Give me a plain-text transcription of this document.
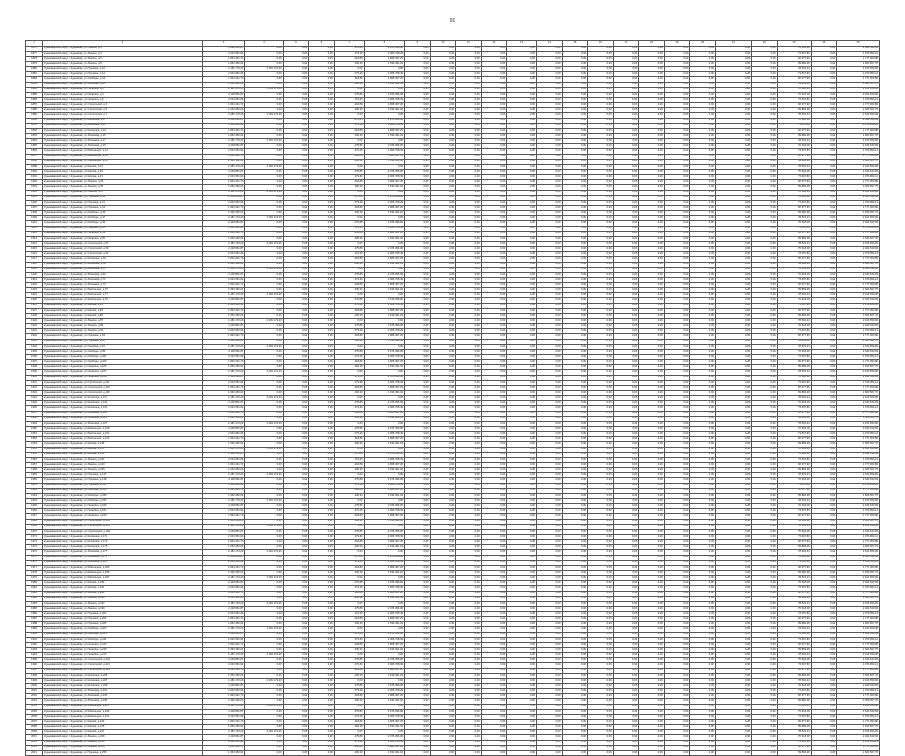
91
1	2	3	4	5	6	7	8	9	10	11	12	13	14	15	16	17	18	19	20	21	22	23	24	25
1876	Кудымкарский округ, г.Кудымкар, ул.Ленина, д.1	2 118 861,87	0,00	0,00	0,00	475,86	2 076 396,96	0,00	0,00	0,00	0,00	0,00	0,00	0,00	0,00	0,00	0,00	0,00	0,00	0,00	0,00	76 318,18	0,00	2 042 543,69
1877	Кудымкарский округ, г.Кудымкар, ул.Ленина, д.3	2 044 561,94	0,00	0,00	0,00	473,46	2 006 708,49	0,00	0,00	0,00	0,00	0,00	0,00	0,00	0,00	0,00	0,00	0,00	0,00	0,00	0,00	73 607,80	0,00	1 970 954,14
1878	Кудымкарский округ, г.Кудымкар, ул.Ленина, д.5	1 843 441,70	0,00	0,00	0,00	418,89	1 808 467,25	0,00	0,00	0,00	0,00	0,00	0,00	0,00	0,00	0,00	0,00	0,00	0,00	0,00	0,00	66 377,90	0,00	1 777 063,80
1879	Кудымкарский округ, г.Кудымкар, ул.Ленина, д.8	1 663 452,04	0,00	0,00	0,00	400,30	1 630 461,94	0,00	0,00	0,00	0,00	0,00	0,00	0,00	0,00	0,00	0,00	0,00	0,00	0,00	0,00	59 884,28	0,00	1 603 567,76
1880	Кудымкарский округ, г.Кудымкар, ул.Пушкина, д.10	2 181 173,20	2 181 173,20	0,00	0,00	0,00	0,00	0,00	0,00	0,00	0,00	0,00	0,00	0,00	0,00	0,00	0,00	0,00	0,00	0,00	0,00	78 522,24	0,00	2 102 650,96
1881	Кудымкарский округ, г.Кудымкар, ул.Пушкина, д.12	2 044 561,94	0,00	0,00	0,00	473,46	2 006 708,49	0,00	0,00	0,00	0,00	0,00	0,00	0,00	0,00	0,00	0,00	0,00	0,00	0,00	0,00	73 607,80	0,00	1 970 954,14
1882	Кудымкарский округ, г.Кудымкар, ул.Свободы, д.14	1 843 441,70	0,00	0,00	0,00	418,89	1 808 467,25	0,00	0,00	0,00	0,00	0,00	0,00	0,00	0,00	0,00	0,00	0,00	0,00	0,00	0,00	66 377,90	0,00	1 777 063,80
1883	Кудымкарский округ, г.Кудымкар, ул.Свободы, д.16	1 663 452,04	0,00	0,00	0,00	400,30	1 630 461,94	0,00	0,00	0,00	0,00	0,00	0,00	0,00	0,00	0,00	0,00	0,00	0,00	0,00	0,00	59 884,28	0,00	1 603 567,76
1884	Кудымкарский округ, г.Кудымкар, ул.Гагарина, д.2	2 181 173,20	2 181 173,20	0,00	0,00	0,00	0,00	0,00	0,00	0,00	0,00	0,00	0,00	0,00	0,00	0,00	0,00	0,00	0,00	0,00	0,00	78 522,24	0,00	2 102 650,96
1885	Кудымкарский округ, г.Кудымкар, ул.Гагарина, д.4	2 118 861,87	0,00	0,00	0,00	475,86	2 076 396,96	0,00	0,00	0,00	0,00	0,00	0,00	0,00	0,00	0,00	0,00	0,00	0,00	0,00	0,00	76 318,18	0,00	2 042 543,69
1886	Кудымкарский округ, г.Кудымкар, ул.Гагарина, д.6	2 044 561,94	0,00	0,00	0,00	473,46	2 006 708,49	0,00	0,00	0,00	0,00	0,00	0,00	0,00	0,00	0,00	0,00	0,00	0,00	0,00	0,00	73 607,80	0,00	1 970 954,14
1887	Кудымкарский округ, г.Кудымкар, ул.Строителей, д.3	1 843 441,70	0,00	0,00	0,00	418,89	1 808 467,25	0,00	0,00	0,00	0,00	0,00	0,00	0,00	0,00	0,00	0,00	0,00	0,00	0,00	0,00	66 377,90	0,00	1 777 063,80
1888	Кудымкарский округ, г.Кудымкар, ул.Строителей, д.5	1 663 452,04	0,00	0,00	0,00	400,30	1 630 461,94	0,00	0,00	0,00	0,00	0,00	0,00	0,00	0,00	0,00	0,00	0,00	0,00	0,00	0,00	59 884,28	0,00	1 603 567,76
1889	Кудымкарский округ, г.Кудымкар, ул.Строителей, д.7	2 181 173,20	2 181 173,20	0,00	0,00	0,00	0,00	0,00	0,00	0,00	0,00	0,00	0,00	0,00	0,00	0,00	0,00	0,00	0,00	0,00	0,00	78 522,24	0,00	2 102 650,96
1890	Кудымкарский округ, г.Кудымкар, ул.Калинина, д.9	2 118 861,87	0,00	0,00	0,00	475,86	2 076 396,96	0,00	0,00	0,00	0,00	0,00	0,00	0,00	0,00	0,00	0,00	0,00	0,00	0,00	0,00	76 318,18	0,00	2 042 543,69
1891	Кудымкарский округ, г.Кудымкар, ул.Калинина, д.11	2 044 561,94	0,00	0,00	0,00	473,46	2 006 708,49	0,00	0,00	0,00	0,00	0,00	0,00	0,00	0,00	0,00	0,00	0,00	0,00	0,00	0,00	73 607,80	0,00	1 970 954,14
1892	Кудымкарский округ, г.Кудымкар, ул.Калинина, д.13	1 843 441,70	0,00	0,00	0,00	418,89	1 808 467,25	0,00	0,00	0,00	0,00	0,00	0,00	0,00	0,00	0,00	0,00	0,00	0,00	0,00	0,00	66 377,90	0,00	1 777 063,80
1893	Кудымкарский округ, г.Кудымкар, ул.Лихачева, д.15	1 663 452,04	0,00	0,00	0,00	400,30	1 630 461,94	0,00	0,00	0,00	0,00	0,00	0,00	0,00	0,00	0,00	0,00	0,00	0,00	0,00	0,00	59 884,28	0,00	1 603 567,76
1894	Кудымкарский округ, г.Кудымкар, ул.Лихачева, д.17	2 181 173,20	2 181 173,20	0,00	0,00	0,00	0,00	0,00	0,00	0,00	0,00	0,00	0,00	0,00	0,00	0,00	0,00	0,00	0,00	0,00	0,00	78 522,24	0,00	2 102 650,96
1895	Кудымкарский округ, г.Кудымкар, ул.Лихачева, д.19	2 118 861,87	0,00	0,00	0,00	475,86	2 076 396,96	0,00	0,00	0,00	0,00	0,00	0,00	0,00	0,00	0,00	0,00	0,00	0,00	0,00	0,00	76 318,18	0,00	2 042 543,69
1896	Кудымкарский округ, г.Кудымкар, ул.Революции, д.21	2 044 561,94	0,00	0,00	0,00	473,46	2 006 708,49	0,00	0,00	0,00	0,00	0,00	0,00	0,00	0,00	0,00	0,00	0,00	0,00	0,00	0,00	73 607,80	0,00	1 970 954,14
1897	Кудымкарский округ, г.Кудымкар, ул.Революции, д.23	1 843 441,70	0,00	0,00	0,00	418,89	1 808 467,25	0,00	0,00	0,00	0,00	0,00	0,00	0,00	0,00	0,00	0,00	0,00	0,00	0,00	0,00	66 377,90	0,00	1 777 063,80
1898	Кудымкарский округ, г.Кудымкар, ул.Революции, д.25	1 663 452,04	0,00	0,00	0,00	400,30	1 630 461,94	0,00	0,00	0,00	0,00	0,00	0,00	0,00	0,00	0,00	0,00	0,00	0,00	0,00	0,00	59 884,28	0,00	1 603 567,76
1899	Кудымкарский округ, г.Кудымкар, ул.Кирова, д.27	2 181 173,20	2 181 173,20	0,00	0,00	0,00	0,00	0,00	0,00	0,00	0,00	0,00	0,00	0,00	0,00	0,00	0,00	0,00	0,00	0,00	0,00	78 522,24	0,00	2 102 650,96
1900	Кудымкарский округ, г.Кудымкар, ул.Кирова, д.29	2 118 861,87	0,00	0,00	0,00	475,86	2 076 396,96	0,00	0,00	0,00	0,00	0,00	0,00	0,00	0,00	0,00	0,00	0,00	0,00	0,00	0,00	76 318,18	0,00	2 042 543,69
1901	Кудымкарский округ, г.Кудымкар, ул.Кирова, д.31	2 044 561,94	0,00	0,00	0,00	473,46	2 006 708,49	0,00	0,00	0,00	0,00	0,00	0,00	0,00	0,00	0,00	0,00	0,00	0,00	0,00	0,00	73 607,80	0,00	1 970 954,14
1902	Кудымкарский округ, г.Кудымкар, ул.Ленина, д.33	1 843 441,70	0,00	0,00	0,00	418,89	1 808 467,25	0,00	0,00	0,00	0,00	0,00	0,00	0,00	0,00	0,00	0,00	0,00	0,00	0,00	0,00	66 377,90	0,00	1 777 063,80
1903	Кудымкарский округ, г.Кудымкар, ул.Ленина, д.35	1 663 452,04	0,00	0,00	0,00	400,30	1 630 461,94	0,00	0,00	0,00	0,00	0,00	0,00	0,00	0,00	0,00	0,00	0,00	0,00	0,00	0,00	59 884,28	0,00	1 603 567,76
1904	Кудымкарский округ, г.Кудымкар, ул.Ленина, д.37	2 181 173,20	2 181 173,20	0,00	0,00	0,00	0,00	0,00	0,00	0,00	0,00	0,00	0,00	0,00	0,00	0,00	0,00	0,00	0,00	0,00	0,00	78 522,24	0,00	2 102 650,96
1905	Кудымкарский округ, г.Кудымкар, ул.Пушкина, д.39	2 118 861,87	0,00	0,00	0,00	475,86	2 076 396,96	0,00	0,00	0,00	0,00	0,00	0,00	0,00	0,00	0,00	0,00	0,00	0,00	0,00	0,00	76 318,18	0,00	2 042 543,69
1906	Кудымкарский округ, г.Кудымкар, ул.Пушкина, д.41	2 044 561,94	0,00	0,00	0,00	473,46	2 006 708,49	0,00	0,00	0,00	0,00	0,00	0,00	0,00	0,00	0,00	0,00	0,00	0,00	0,00	0,00	73 607,80	0,00	1 970 954,14
1907	Кудымкарский округ, г.Кудымкар, ул.Пушкина, д.43	1 843 441,70	0,00	0,00	0,00	418,89	1 808 467,25	0,00	0,00	0,00	0,00	0,00	0,00	0,00	0,00	0,00	0,00	0,00	0,00	0,00	0,00	66 377,90	0,00	1 777 063,80
1908	Кудымкарский округ, г.Кудымкар, ул.Свободы, д.45	1 663 452,04	0,00	0,00	0,00	400,30	1 630 461,94	0,00	0,00	0,00	0,00	0,00	0,00	0,00	0,00	0,00	0,00	0,00	0,00	0,00	0,00	59 884,28	0,00	1 603 567,76
1909	Кудымкарский округ, г.Кудымкар, ул.Свободы, д.47	2 181 173,20	2 181 173,20	0,00	0,00	0,00	0,00	0,00	0,00	0,00	0,00	0,00	0,00	0,00	0,00	0,00	0,00	0,00	0,00	0,00	0,00	78 522,24	0,00	2 102 650,96
1910	Кудымкарский округ, г.Кудымкар, ул.Свободы, д.49	2 118 861,87	0,00	0,00	0,00	475,86	2 076 396,96	0,00	0,00	0,00	0,00	0,00	0,00	0,00	0,00	0,00	0,00	0,00	0,00	0,00	0,00	76 318,18	0,00	2 042 543,69
1911	Кудымкарский округ, г.Кудымкар, ул.Гагарина, д.51	2 044 561,94	0,00	0,00	0,00	473,46	2 006 708,49	0,00	0,00	0,00	0,00	0,00	0,00	0,00	0,00	0,00	0,00	0,00	0,00	0,00	0,00	73 607,80	0,00	1 970 954,14
1912	Кудымкарский округ, г.Кудымкар, ул.Гагарина, д.53	1 843 441,70	0,00	0,00	0,00	418,89	1 808 467,25	0,00	0,00	0,00	0,00	0,00	0,00	0,00	0,00	0,00	0,00	0,00	0,00	0,00	0,00	66 377,90	0,00	1 777 063,80
1913	Кудымкарский округ, г.Кудымкар, ул.Гагарина, д.55	1 663 452,04	0,00	0,00	0,00	400,30	1 630 461,94	0,00	0,00	0,00	0,00	0,00	0,00	0,00	0,00	0,00	0,00	0,00	0,00	0,00	0,00	59 884,28	0,00	1 603 567,76
1914	Кудымкарский округ, г.Кудымкар, ул.Строителей, д.57	2 181 173,20	2 181 173,20	0,00	0,00	0,00	0,00	0,00	0,00	0,00	0,00	0,00	0,00	0,00	0,00	0,00	0,00	0,00	0,00	0,00	0,00	78 522,24	0,00	2 102 650,96
1915	Кудымкарский округ, г.Кудымкар, ул.Строителей, д.59	2 118 861,87	0,00	0,00	0,00	475,86	2 076 396,96	0,00	0,00	0,00	0,00	0,00	0,00	0,00	0,00	0,00	0,00	0,00	0,00	0,00	0,00	76 318,18	0,00	2 042 543,69
1916	Кудымкарский округ, г.Кудымкар, ул.Строителей, д.61	2 044 561,94	0,00	0,00	0,00	473,46	2 006 708,49	0,00	0,00	0,00	0,00	0,00	0,00	0,00	0,00	0,00	0,00	0,00	0,00	0,00	0,00	73 607,80	0,00	1 970 954,14
1917	Кудымкарский округ, г.Кудымкар, ул.Калинина, д.63	1 843 441,70	0,00	0,00	0,00	418,89	1 808 467,25	0,00	0,00	0,00	0,00	0,00	0,00	0,00	0,00	0,00	0,00	0,00	0,00	0,00	0,00	66 377,90	0,00	1 777 063,80
1918	Кудымкарский округ, г.Кудымкар, ул.Калинина, д.65	1 663 452,04	0,00	0,00	0,00	400,30	1 630 461,94	0,00	0,00	0,00	0,00	0,00	0,00	0,00	0,00	0,00	0,00	0,00	0,00	0,00	0,00	59 884,28	0,00	1 603 567,76
1919	Кудымкарский округ, г.Кудымкар, ул.Калинина, д.67	2 181 173,20	2 181 173,20	0,00	0,00	0,00	0,00	0,00	0,00	0,00	0,00	0,00	0,00	0,00	0,00	0,00	0,00	0,00	0,00	0,00	0,00	78 522,24	0,00	2 102 650,96
1920	Кудымкарский округ, г.Кудымкар, ул.Лихачева, д.69	2 118 861,87	0,00	0,00	0,00	475,86	2 076 396,96	0,00	0,00	0,00	0,00	0,00	0,00	0,00	0,00	0,00	0,00	0,00	0,00	0,00	0,00	76 318,18	0,00	2 042 543,69
1921	Кудымкарский округ, г.Кудымкар, ул.Лихачева, д.71	2 044 561,94	0,00	0,00	0,00	473,46	2 006 708,49	0,00	0,00	0,00	0,00	0,00	0,00	0,00	0,00	0,00	0,00	0,00	0,00	0,00	0,00	73 607,80	0,00	1 970 954,14
1922	Кудымкарский округ, г.Кудымкар, ул.Лихачева, д.73	1 843 441,70	0,00	0,00	0,00	418,89	1 808 467,25	0,00	0,00	0,00	0,00	0,00	0,00	0,00	0,00	0,00	0,00	0,00	0,00	0,00	0,00	66 377,90	0,00	1 777 063,80
1923	Кудымкарский округ, г.Кудымкар, ул.Революции, д.75	1 663 452,04	0,00	0,00	0,00	400,30	1 630 461,94	0,00	0,00	0,00	0,00	0,00	0,00	0,00	0,00	0,00	0,00	0,00	0,00	0,00	0,00	59 884,28	0,00	1 603 567,76
1924	Кудымкарский округ, г.Кудымкар, ул.Революции, д.77	2 181 173,20	2 181 173,20	0,00	0,00	0,00	0,00	0,00	0,00	0,00	0,00	0,00	0,00	0,00	0,00	0,00	0,00	0,00	0,00	0,00	0,00	78 522,24	0,00	2 102 650,96
1925	Кудымкарский округ, г.Кудымкар, ул.Революции, д.79	2 118 861,87	0,00	0,00	0,00	475,86	2 076 396,96	0,00	0,00	0,00	0,00	0,00	0,00	0,00	0,00	0,00	0,00	0,00	0,00	0,00	0,00	76 318,18	0,00	2 042 543,69
1926	Кудымкарский округ, г.Кудымкар, ул.Кирова, д.81	2 044 561,94	0,00	0,00	0,00	473,46	2 006 708,49	0,00	0,00	0,00	0,00	0,00	0,00	0,00	0,00	0,00	0,00	0,00	0,00	0,00	0,00	73 607,80	0,00	1 970 954,14
1927	Кудымкарский округ, г.Кудымкар, ул.Кирова, д.83	1 843 441,70	0,00	0,00	0,00	418,89	1 808 467,25	0,00	0,00	0,00	0,00	0,00	0,00	0,00	0,00	0,00	0,00	0,00	0,00	0,00	0,00	66 377,90	0,00	1 777 063,80
1928	Кудымкарский округ, г.Кудымкар, ул.Кирова, д.85	1 663 452,04	0,00	0,00	0,00	400,30	1 630 461,94	0,00	0,00	0,00	0,00	0,00	0,00	0,00	0,00	0,00	0,00	0,00	0,00	0,00	0,00	59 884,28	0,00	1 603 567,76
1929	Кудымкарский округ, г.Кудымкар, ул.Ленина, д.87	2 181 173,20	2 181 173,20	0,00	0,00	0,00	0,00	0,00	0,00	0,00	0,00	0,00	0,00	0,00	0,00	0,00	0,00	0,00	0,00	0,00	0,00	78 522,24	0,00	2 102 650,96
1930	Кудымкарский округ, г.Кудымкар, ул.Ленина, д.89	2 118 861,87	0,00	0,00	0,00	475,86	2 076 396,96	0,00	0,00	0,00	0,00	0,00	0,00	0,00	0,00	0,00	0,00	0,00	0,00	0,00	0,00	76 318,18	0,00	2 042 543,69
1931	Кудымкарский округ, г.Кудымкар, ул.Ленина, д.91	2 044 561,94	0,00	0,00	0,00	473,46	2 006 708,49	0,00	0,00	0,00	0,00	0,00	0,00	0,00	0,00	0,00	0,00	0,00	0,00	0,00	0,00	73 607,80	0,00	1 970 954,14
1932	Кудымкарский округ, г.Кудымкар, ул.Пушкина, д.93	1 843 441,70	0,00	0,00	0,00	418,89	1 808 467,25	0,00	0,00	0,00	0,00	0,00	0,00	0,00	0,00	0,00	0,00	0,00	0,00	0,00	0,00	66 377,90	0,00	1 777 063,80
1933	Кудымкарский округ, г.Кудымкар, ул.Пушкина, д.95	1 663 452,04	0,00	0,00	0,00	400,30	1 630 461,94	0,00	0,00	0,00	0,00	0,00	0,00	0,00	0,00	0,00	0,00	0,00	0,00	0,00	0,00	59 884,28	0,00	1 603 567,76
1934	Кудымкарский округ, г.Кудымкар, ул.Пушкина, д.97	2 181 173,20	2 181 173,20	0,00	0,00	0,00	0,00	0,00	0,00	0,00	0,00	0,00	0,00	0,00	0,00	0,00	0,00	0,00	0,00	0,00	0,00	78 522,24	0,00	2 102 650,96
1935	Кудымкарский округ, г.Кудымкар, ул.Свободы, д.99	2 118 861,87	0,00	0,00	0,00	475,86	2 076 396,96	0,00	0,00	0,00	0,00	0,00	0,00	0,00	0,00	0,00	0,00	0,00	0,00	0,00	0,00	76 318,18	0,00	2 042 543,69
1936	Кудымкарский округ, г.Кудымкар, ул.Свободы, д.101	2 044 561,94	0,00	0,00	0,00	473,46	2 006 708,49	0,00	0,00	0,00	0,00	0,00	0,00	0,00	0,00	0,00	0,00	0,00	0,00	0,00	0,00	73 607,80	0,00	1 970 954,14
1937	Кудымкарский округ, г.Кудымкар, ул.Свободы, д.103	1 843 441,70	0,00	0,00	0,00	418,89	1 808 467,25	0,00	0,00	0,00	0,00	0,00	0,00	0,00	0,00	0,00	0,00	0,00	0,00	0,00	0,00	66 377,90	0,00	1 777 063,80
1938	Кудымкарский округ, г.Кудымкар, ул.Гагарина, д.105	1 663 452,04	0,00	0,00	0,00	400,30	1 630 461,94	0,00	0,00	0,00	0,00	0,00	0,00	0,00	0,00	0,00	0,00	0,00	0,00	0,00	0,00	59 884,28	0,00	1 603 567,76
1939	Кудымкарский округ, г.Кудымкар, ул.Гагарина, д.107	2 181 173,20	2 181 173,20	0,00	0,00	0,00	0,00	0,00	0,00	0,00	0,00	0,00	0,00	0,00	0,00	0,00	0,00	0,00	0,00	0,00	0,00	78 522,24	0,00	2 102 650,96
1940	Кудымкарский округ, г.Кудымкар, ул.Гагарина, д.109	2 118 861,87	0,00	0,00	0,00	475,86	2 076 396,96	0,00	0,00	0,00	0,00	0,00	0,00	0,00	0,00	0,00	0,00	0,00	0,00	0,00	0,00	76 318,18	0,00	2 042 543,69
1941	Кудымкарский округ, г.Кудымкар, ул.Строителей, д.111	2 044 561,94	0,00	0,00	0,00	473,46	2 006 708,49	0,00	0,00	0,00	0,00	0,00	0,00	0,00	0,00	0,00	0,00	0,00	0,00	0,00	0,00	73 607,80	0,00	1 970 954,14
1942	Кудымкарский округ, г.Кудымкар, ул.Строителей, д.113	1 843 441,70	0,00	0,00	0,00	418,89	1 808 467,25	0,00	0,00	0,00	0,00	0,00	0,00	0,00	0,00	0,00	0,00	0,00	0,00	0,00	0,00	66 377,90	0,00	1 777 063,80
1943	Кудымкарский округ, г.Кудымкар, ул.Строителей, д.115	1 663 452,04	0,00	0,00	0,00	400,30	1 630 461,94	0,00	0,00	0,00	0,00	0,00	0,00	0,00	0,00	0,00	0,00	0,00	0,00	0,00	0,00	59 884,28	0,00	1 603 567,76
1944	Кудымкарский округ, г.Кудымкар, ул.Калинина, д.117	2 181 173,20	2 181 173,20	0,00	0,00	0,00	0,00	0,00	0,00	0,00	0,00	0,00	0,00	0,00	0,00	0,00	0,00	0,00	0,00	0,00	0,00	78 522,24	0,00	2 102 650,96
1945	Кудымкарский округ, г.Кудымкар, ул.Калинина, д.119	2 118 861,87	0,00	0,00	0,00	475,86	2 076 396,96	0,00	0,00	0,00	0,00	0,00	0,00	0,00	0,00	0,00	0,00	0,00	0,00	0,00	0,00	76 318,18	0,00	2 042 543,69
1946	Кудымкарский округ, г.Кудымкар, ул.Калинина, д.121	2 044 561,94	0,00	0,00	0,00	473,46	2 006 708,49	0,00	0,00	0,00	0,00	0,00	0,00	0,00	0,00	0,00	0,00	0,00	0,00	0,00	0,00	73 607,80	0,00	1 970 954,14
1947	Кудымкарский округ, г.Кудымкар, ул.Лихачева, д.123	1 843 441,70	0,00	0,00	0,00	418,89	1 808 467,25	0,00	0,00	0,00	0,00	0,00	0,00	0,00	0,00	0,00	0,00	0,00	0,00	0,00	0,00	66 377,90	0,00	1 777 063,80
1948	Кудымкарский округ, г.Кудымкар, ул.Лихачева, д.125	1 663 452,04	0,00	0,00	0,00	400,30	1 630 461,94	0,00	0,00	0,00	0,00	0,00	0,00	0,00	0,00	0,00	0,00	0,00	0,00	0,00	0,00	59 884,28	0,00	1 603 567,76
1949	Кудымкарский округ, г.Кудымкар, ул.Лихачева, д.127	2 181 173,20	2 181 173,20	0,00	0,00	0,00	0,00	0,00	0,00	0,00	0,00	0,00	0,00	0,00	0,00	0,00	0,00	0,00	0,00	0,00	0,00	78 522,24	0,00	2 102 650,96
1950	Кудымкарский округ, г.Кудымкар, ул.Революции, д.129	2 118 861,87	0,00	0,00	0,00	475,86	2 076 396,96	0,00	0,00	0,00	0,00	0,00	0,00	0,00	0,00	0,00	0,00	0,00	0,00	0,00	0,00	76 318,18	0,00	2 042 543,69
1951	Кудымкарский округ, г.Кудымкар, ул.Революции, д.131	2 044 561,94	0,00	0,00	0,00	473,46	2 006 708,49	0,00	0,00	0,00	0,00	0,00	0,00	0,00	0,00	0,00	0,00	0,00	0,00	0,00	0,00	73 607,80	0,00	1 970 954,14
1952	Кудымкарский округ, г.Кудымкар, ул.Революции, д.133	1 843 441,70	0,00	0,00	0,00	418,89	1 808 467,25	0,00	0,00	0,00	0,00	0,00	0,00	0,00	0,00	0,00	0,00	0,00	0,00	0,00	0,00	66 377,90	0,00	1 777 063,80
1953	Кудымкарский округ, г.Кудымкар, ул.Кирова, д.135	1 663 452,04	0,00	0,00	0,00	400,30	1 630 461,94	0,00	0,00	0,00	0,00	0,00	0,00	0,00	0,00	0,00	0,00	0,00	0,00	0,00	0,00	59 884,28	0,00	1 603 567,76
1954	Кудымкарский округ, г.Кудымкар, ул.Кирова, д.137	2 181 173,20	2 181 173,20	0,00	0,00	0,00	0,00	0,00	0,00	0,00	0,00	0,00	0,00	0,00	0,00	0,00	0,00	0,00	0,00	0,00	0,00	78 522,24	0,00	2 102 650,96
1955	Кудымкарский округ, г.Кудымкар, ул.Кирова, д.139	2 118 861,87	0,00	0,00	0,00	475,86	2 076 396,96	0,00	0,00	0,00	0,00	0,00	0,00	0,00	0,00	0,00	0,00	0,00	0,00	0,00	0,00	76 318,18	0,00	2 042 543,69
1956	Кудымкарский округ, г.Кудымкар, ул.Ленина, д.141	2 044 561,94	0,00	0,00	0,00	473,46	2 006 708,49	0,00	0,00	0,00	0,00	0,00	0,00	0,00	0,00	0,00	0,00	0,00	0,00	0,00	0,00	73 607,80	0,00	1 970 954,14
1957	Кудымкарский округ, г.Кудымкар, ул.Ленина, д.143	1 843 441,70	0,00	0,00	0,00	418,89	1 808 467,25	0,00	0,00	0,00	0,00	0,00	0,00	0,00	0,00	0,00	0,00	0,00	0,00	0,00	0,00	66 377,90	0,00	1 777 063,80
1958	Кудымкарский округ, г.Кудымкар, ул.Ленина, д.145	1 663 452,04	0,00	0,00	0,00	400,30	1 630 461,94	0,00	0,00	0,00	0,00	0,00	0,00	0,00	0,00	0,00	0,00	0,00	0,00	0,00	0,00	59 884,28	0,00	1 603 567,76
1959	Кудымкарский округ, г.Кудымкар, ул.Пушкина, д.147	2 181 173,20	2 181 173,20	0,00	0,00	0,00	0,00	0,00	0,00	0,00	0,00	0,00	0,00	0,00	0,00	0,00	0,00	0,00	0,00	0,00	0,00	78 522,24	0,00	2 102 650,96
1960	Кудымкарский округ, г.Кудымкар, ул.Пушкина, д.149	2 118 861,87	0,00	0,00	0,00	475,86	2 076 396,96	0,00	0,00	0,00	0,00	0,00	0,00	0,00	0,00	0,00	0,00	0,00	0,00	0,00	0,00	76 318,18	0,00	2 042 543,69
1961	Кудымкарский округ, г.Кудымкар, ул.Пушкина, д.151	2 044 561,94	0,00	0,00	0,00	473,46	2 006 708,49	0,00	0,00	0,00	0,00	0,00	0,00	0,00	0,00	0,00	0,00	0,00	0,00	0,00	0,00	73 607,80	0,00	1 970 954,14
1962	Кудымкарский округ, г.Кудымкар, ул.Свободы, д.153	1 843 441,70	0,00	0,00	0,00	418,89	1 808 467,25	0,00	0,00	0,00	0,00	0,00	0,00	0,00	0,00	0,00	0,00	0,00	0,00	0,00	0,00	66 377,90	0,00	1 777 063,80
1963	Кудымкарский округ, г.Кудымкар, ул.Свободы, д.155	1 663 452,04	0,00	0,00	0,00	400,30	1 630 461,94	0,00	0,00	0,00	0,00	0,00	0,00	0,00	0,00	0,00	0,00	0,00	0,00	0,00	0,00	59 884,28	0,00	1 603 567,76
1964	Кудымкарский округ, г.Кудымкар, ул.Свободы, д.157	2 181 173,20	2 181 173,20	0,00	0,00	0,00	0,00	0,00	0,00	0,00	0,00	0,00	0,00	0,00	0,00	0,00	0,00	0,00	0,00	0,00	0,00	78 522,24	0,00	2 102 650,96
1965	Кудымкарский округ, г.Кудымкар, ул.Гагарина, д.159	2 118 861,87	0,00	0,00	0,00	475,86	2 076 396,96	0,00	0,00	0,00	0,00	0,00	0,00	0,00	0,00	0,00	0,00	0,00	0,00	0,00	0,00	76 318,18	0,00	2 042 543,69
1966	Кудымкарский округ, г.Кудымкар, ул.Гагарина, д.161	2 044 561,94	0,00	0,00	0,00	473,46	2 006 708,49	0,00	0,00	0,00	0,00	0,00	0,00	0,00	0,00	0,00	0,00	0,00	0,00	0,00	0,00	73 607,80	0,00	1 970 954,14
1967	Кудымкарский округ, г.Кудымкар, ул.Гагарина, д.163	1 843 441,70	0,00	0,00	0,00	418,89	1 808 467,25	0,00	0,00	0,00	0,00	0,00	0,00	0,00	0,00	0,00	0,00	0,00	0,00	0,00	0,00	66 377,90	0,00	1 777 063,80
1968	Кудымкарский округ, г.Кудымкар, ул.Строителей, д.165	1 663 452,04	0,00	0,00	0,00	400,30	1 630 461,94	0,00	0,00	0,00	0,00	0,00	0,00	0,00	0,00	0,00	0,00	0,00	0,00	0,00	0,00	59 884,28	0,00	1 603 567,76
1969	Кудымкарский округ, г.Кудымкар, ул.Строителей, д.167	2 181 173,20	2 181 173,20	0,00	0,00	0,00	0,00	0,00	0,00	0,00	0,00	0,00	0,00	0,00	0,00	0,00	0,00	0,00	0,00	0,00	0,00	78 522,24	0,00	2 102 650,96
1970	Кудымкарский округ, г.Кудымкар, ул.Строителей, д.169	2 118 861,87	0,00	0,00	0,00	475,86	2 076 396,96	0,00	0,00	0,00	0,00	0,00	0,00	0,00	0,00	0,00	0,00	0,00	0,00	0,00	0,00	76 318,18	0,00	2 042 543,69
1971	Кудымкарский округ, г.Кудымкар, ул.Калинина, д.171	2 044 561,94	0,00	0,00	0,00	473,46	2 006 708,49	0,00	0,00	0,00	0,00	0,00	0,00	0,00	0,00	0,00	0,00	0,00	0,00	0,00	0,00	73 607,80	0,00	1 970 954,14
1972	Кудымкарский округ, г.Кудымкар, ул.Калинина, д.173	1 843 441,70	0,00	0,00	0,00	418,89	1 808 467,25	0,00	0,00	0,00	0,00	0,00	0,00	0,00	0,00	0,00	0,00	0,00	0,00	0,00	0,00	66 377,90	0,00	1 777 063,80
1973	Кудымкарский округ, г.Кудымкар, ул.Калинина, д.175	1 663 452,04	0,00	0,00	0,00	400,30	1 630 461,94	0,00	0,00	0,00	0,00	0,00	0,00	0,00	0,00	0,00	0,00	0,00	0,00	0,00	0,00	59 884,28	0,00	1 603 567,76
1974	Кудымкарский округ, г.Кудымкар, ул.Лихачева, д.177	2 181 173,20	2 181 173,20	0,00	0,00	0,00	0,00	0,00	0,00	0,00	0,00	0,00	0,00	0,00	0,00	0,00	0,00	0,00	0,00	0,00	0,00	78 522,24	0,00	2 102 650,96
1975	Кудымкарский округ, г.Кудымкар, ул.Лихачева, д.179	2 118 861,87	0,00	0,00	0,00	475,86	2 076 396,96	0,00	0,00	0,00	0,00	0,00	0,00	0,00	0,00	0,00	0,00	0,00	0,00	0,00	0,00	76 318,18	0,00	2 042 543,69
1976	Кудымкарский округ, г.Кудымкар, ул.Лихачева, д.181	2 044 561,94	0,00	0,00	0,00	473,46	2 006 708,49	0,00	0,00	0,00	0,00	0,00	0,00	0,00	0,00	0,00	0,00	0,00	0,00	0,00	0,00	73 607,80	0,00	1 970 954,14
1977	Кудымкарский округ, г.Кудымкар, ул.Революции, д.183	1 843 441,70	0,00	0,00	0,00	418,89	1 808 467,25	0,00	0,00	0,00	0,00	0,00	0,00	0,00	0,00	0,00	0,00	0,00	0,00	0,00	0,00	66 377,90	0,00	1 777 063,80
1978	Кудымкарский округ, г.Кудымкар, ул.Революции, д.185	1 663 452,04	0,00	0,00	0,00	400,30	1 630 461,94	0,00	0,00	0,00	0,00	0,00	0,00	0,00	0,00	0,00	0,00	0,00	0,00	0,00	0,00	59 884,28	0,00	1 603 567,76
1979	Кудымкарский округ, г.Кудымкар, ул.Революции, д.187	2 181 173,20	2 181 173,20	0,00	0,00	0,00	0,00	0,00	0,00	0,00	0,00	0,00	0,00	0,00	0,00	0,00	0,00	0,00	0,00	0,00	0,00	78 522,24	0,00	2 102 650,96
1980	Кудымкарский округ, г.Кудымкар, ул.Кирова, д.189	2 118 861,87	0,00	0,00	0,00	475,86	2 076 396,96	0,00	0,00	0,00	0,00	0,00	0,00	0,00	0,00	0,00	0,00	0,00	0,00	0,00	0,00	76 318,18	0,00	2 042 543,69
1981	Кудымкарский округ, г.Кудымкар, ул.Кирова, д.191	2 044 561,94	0,00	0,00	0,00	473,46	2 006 708,49	0,00	0,00	0,00	0,00	0,00	0,00	0,00	0,00	0,00	0,00	0,00	0,00	0,00	0,00	73 607,80	0,00	1 970 954,14
1982	Кудымкарский округ, г.Кудымкар, ул.Кирова, д.193	1 843 441,70	0,00	0,00	0,00	418,89	1 808 467,25	0,00	0,00	0,00	0,00	0,00	0,00	0,00	0,00	0,00	0,00	0,00	0,00	0,00	0,00	66 377,90	0,00	1 777 063,80
1983	Кудымкарский округ, г.Кудымкар, ул.Ленина, д.195	1 663 452,04	0,00	0,00	0,00	400,30	1 630 461,94	0,00	0,00	0,00	0,00	0,00	0,00	0,00	0,00	0,00	0,00	0,00	0,00	0,00	0,00	59 884,28	0,00	1 603 567,76
1984	Кудымкарский округ, г.Кудымкар, ул.Ленина, д.197	2 181 173,20	2 181 173,20	0,00	0,00	0,00	0,00	0,00	0,00	0,00	0,00	0,00	0,00	0,00	0,00	0,00	0,00	0,00	0,00	0,00	0,00	78 522,24	0,00	2 102 650,96
1985	Кудымкарский округ, г.Кудымкар, ул.Ленина, д.199	2 118 861,87	0,00	0,00	0,00	475,86	2 076 396,96	0,00	0,00	0,00	0,00	0,00	0,00	0,00	0,00	0,00	0,00	0,00	0,00	0,00	0,00	76 318,18	0,00	2 042 543,69
1986	Кудымкарский округ, г.Кудымкар, ул.Пушкина, д.201	2 044 561,94	0,00	0,00	0,00	473,46	2 006 708,49	0,00	0,00	0,00	0,00	0,00	0,00	0,00	0,00	0,00	0,00	0,00	0,00	0,00	0,00	73 607,80	0,00	1 970 954,14
1987	Кудымкарский округ, г.Кудымкар, ул.Пушкина, д.203	1 843 441,70	0,00	0,00	0,00	418,89	1 808 467,25	0,00	0,00	0,00	0,00	0,00	0,00	0,00	0,00	0,00	0,00	0,00	0,00	0,00	0,00	66 377,90	0,00	1 777 063,80
1988	Кудымкарский округ, г.Кудымкар, ул.Пушкина, д.205	1 663 452,04	0,00	0,00	0,00	400,30	1 630 461,94	0,00	0,00	0,00	0,00	0,00	0,00	0,00	0,00	0,00	0,00	0,00	0,00	0,00	0,00	59 884,28	0,00	1 603 567,76
1989	Кудымкарский округ, г.Кудымкар, ул.Свободы, д.207	2 181 173,20	2 181 173,20	0,00	0,00	0,00	0,00	0,00	0,00	0,00	0,00	0,00	0,00	0,00	0,00	0,00	0,00	0,00	0,00	0,00	0,00	78 522,24	0,00	2 102 650,96
1990	Кудымкарский округ, г.Кудымкар, ул.Свободы, д.209	2 118 861,87	0,00	0,00	0,00	475,86	2 076 396,96	0,00	0,00	0,00	0,00	0,00	0,00	0,00	0,00	0,00	0,00	0,00	0,00	0,00	0,00	76 318,18	0,00	2 042 543,69
1991	Кудымкарский округ, г.Кудымкар, ул.Свободы, д.211	2 044 561,94	0,00	0,00	0,00	473,46	2 006 708,49	0,00	0,00	0,00	0,00	0,00	0,00	0,00	0,00	0,00	0,00	0,00	0,00	0,00	0,00	73 607,80	0,00	1 970 954,14
1992	Кудымкарский округ, г.Кудымкар, ул.Гагарина, д.213	1 843 441,70	0,00	0,00	0,00	418,89	1 808 467,25	0,00	0,00	0,00	0,00	0,00	0,00	0,00	0,00	0,00	0,00	0,00	0,00	0,00	0,00	66 377,90	0,00	1 777 063,80
1993	Кудымкарский округ, г.Кудымкар, ул.Гагарина, д.215	1 663 452,04	0,00	0,00	0,00	400,30	1 630 461,94	0,00	0,00	0,00	0,00	0,00	0,00	0,00	0,00	0,00	0,00	0,00	0,00	0,00	0,00	59 884,28	0,00	1 603 567,76
1994	Кудымкарский округ, г.Кудымкар, ул.Гагарина, д.217	2 181 173,20	2 181 173,20	0,00	0,00	0,00	0,00	0,00	0,00	0,00	0,00	0,00	0,00	0,00	0,00	0,00	0,00	0,00	0,00	0,00	0,00	78 522,24	0,00	2 102 650,96
1995	Кудымкарский округ, г.Кудымкар, ул.Строителей, д.219	2 118 861,87	0,00	0,00	0,00	475,86	2 076 396,96	0,00	0,00	0,00	0,00	0,00	0,00	0,00	0,00	0,00	0,00	0,00	0,00	0,00	0,00	76 318,18	0,00	2 042 543,69
1996	Кудымкарский округ, г.Кудымкар, ул.Строителей, д.221	2 044 561,94	0,00	0,00	0,00	473,46	2 006 708,49	0,00	0,00	0,00	0,00	0,00	0,00	0,00	0,00	0,00	0,00	0,00	0,00	0,00	0,00	73 607,80	0,00	1 970 954,14
1997	Кудымкарский округ, г.Кудымкар, ул.Строителей, д.223	1 843 441,70	0,00	0,00	0,00	418,89	1 808 467,25	0,00	0,00	0,00	0,00	0,00	0,00	0,00	0,00	0,00	0,00	0,00	0,00	0,00	0,00	66 377,90	0,00	1 777 063,80
1998	Кудымкарский округ, г.Кудымкар, ул.Калинина, д.225	1 663 452,04	0,00	0,00	0,00	400,30	1 630 461,94	0,00	0,00	0,00	0,00	0,00	0,00	0,00	0,00	0,00	0,00	0,00	0,00	0,00	0,00	59 884,28	0,00	1 603 567,76
1999	Кудымкарский округ, г.Кудымкар, ул.Калинина, д.227	2 181 173,20	2 181 173,20	0,00	0,00	0,00	0,00	0,00	0,00	0,00	0,00	0,00	0,00	0,00	0,00	0,00	0,00	0,00	0,00	0,00	0,00	78 522,24	0,00	2 102 650,96
2000	Кудымкарский округ, г.Кудымкар, ул.Калинина, д.229	2 118 861,87	0,00	0,00	0,00	475,86	2 076 396,96	0,00	0,00	0,00	0,00	0,00	0,00	0,00	0,00	0,00	0,00	0,00	0,00	0,00	0,00	76 318,18	0,00	2 042 543,69
2001	Кудымкарский округ, г.Кудымкар, ул.Лихачева, д.231	2 044 561,94	0,00	0,00	0,00	473,46	2 006 708,49	0,00	0,00	0,00	0,00	0,00	0,00	0,00	0,00	0,00	0,00	0,00	0,00	0,00	0,00	73 607,80	0,00	1 970 954,14
2002	Кудымкарский округ, г.Кудымкар, ул.Лихачева, д.233	1 843 441,70	0,00	0,00	0,00	418,89	1 808 467,25	0,00	0,00	0,00	0,00	0,00	0,00	0,00	0,00	0,00	0,00	0,00	0,00	0,00	0,00	66 377,90	0,00	1 777 063,80
2003	Кудымкарский округ, г.Кудымкар, ул.Лихачева, д.235	1 663 452,04	0,00	0,00	0,00	400,30	1 630 461,94	0,00	0,00	0,00	0,00	0,00	0,00	0,00	0,00	0,00	0,00	0,00	0,00	0,00	0,00	59 884,28	0,00	1 603 567,76
2004	Кудымкарский округ, г.Кудымкар, ул.Революции, д.237	2 181 173,20	2 181 173,20	0,00	0,00	0,00	0,00	0,00	0,00	0,00	0,00	0,00	0,00	0,00	0,00	0,00	0,00	0,00	0,00	0,00	0,00	78 522,24	0,00	2 102 650,96
2005	Кудымкарский округ, г.Кудымкар, ул.Революции, д.239	2 118 861,87	0,00	0,00	0,00	475,86	2 076 396,96	0,00	0,00	0,00	0,00	0,00	0,00	0,00	0,00	0,00	0,00	0,00	0,00	0,00	0,00	76 318,18	0,00	2 042 543,69
2006	Кудымкарский округ, г.Кудымкар, ул.Революции, д.241	2 044 561,94	0,00	0,00	0,00	473,46	2 006 708,49	0,00	0,00	0,00	0,00	0,00	0,00	0,00	0,00	0,00	0,00	0,00	0,00	0,00	0,00	73 607,80	0,00	1 970 954,14
2007	Кудымкарский округ, г.Кудымкар, ул.Кирова, д.243	1 843 441,70	0,00	0,00	0,00	418,89	1 808 467,25	0,00	0,00	0,00	0,00	0,00	0,00	0,00	0,00	0,00	0,00	0,00	0,00	0,00	0,00	66 377,90	0,00	1 777 063,80
2008	Кудымкарский округ, г.Кудымкар, ул.Кирова, д.245	1 663 452,04	0,00	0,00	0,00	400,30	1 630 461,94	0,00	0,00	0,00	0,00	0,00	0,00	0,00	0,00	0,00	0,00	0,00	0,00	0,00	0,00	59 884,28	0,00	1 603 567,76
2009	Кудымкарский округ, г.Кудымкар, ул.Кирова, д.247	2 181 173,20	2 181 173,20	0,00	0,00	0,00	0,00	0,00	0,00	0,00	0,00	0,00	0,00	0,00	0,00	0,00	0,00	0,00	0,00	0,00	0,00	78 522,24	0,00	2 102 650,96
2010	Кудымкарский округ, г.Кудымкар, ул.Ленина, д.249	2 118 861,87	0,00	0,00	0,00	475,86	2 076 396,96	0,00	0,00	0,00	0,00	0,00	0,00	0,00	0,00	0,00	0,00	0,00	0,00	0,00	0,00	76 318,18	0,00	2 042 543,69
2011	Кудымкарский округ, г.Кудымкар, ул.Ленина, д.251	2 044 561,94	0,00	0,00	0,00	473,46	2 006 708,49	0,00	0,00	0,00	0,00	0,00	0,00	0,00	0,00	0,00	0,00	0,00	0,00	0,00	0,00	73 607,80	0,00	1 970 954,14
2012	Кудымкарский округ, г.Кудымкар, ул.Ленина, д.253	1 843 441,70	0,00	0,00	0,00	418,89	1 808 467,25	0,00	0,00	0,00	0,00	0,00	0,00	0,00	0,00	0,00	0,00	0,00	0,00	0,00	0,00	66 377,90	0,00	1 777 063,80
2013	Кудымкарский округ, г.Кудымкар, ул.Пушкина, д.255	1 663 452,04	0,00	0,00	0,00	400,30	1 630 461,94	0,00	0,00	0,00	0,00	0,00	0,00	0,00	0,00	0,00	0,00	0,00	0,00	0,00	0,00	59 884,28	0,00	1 603 567,76
